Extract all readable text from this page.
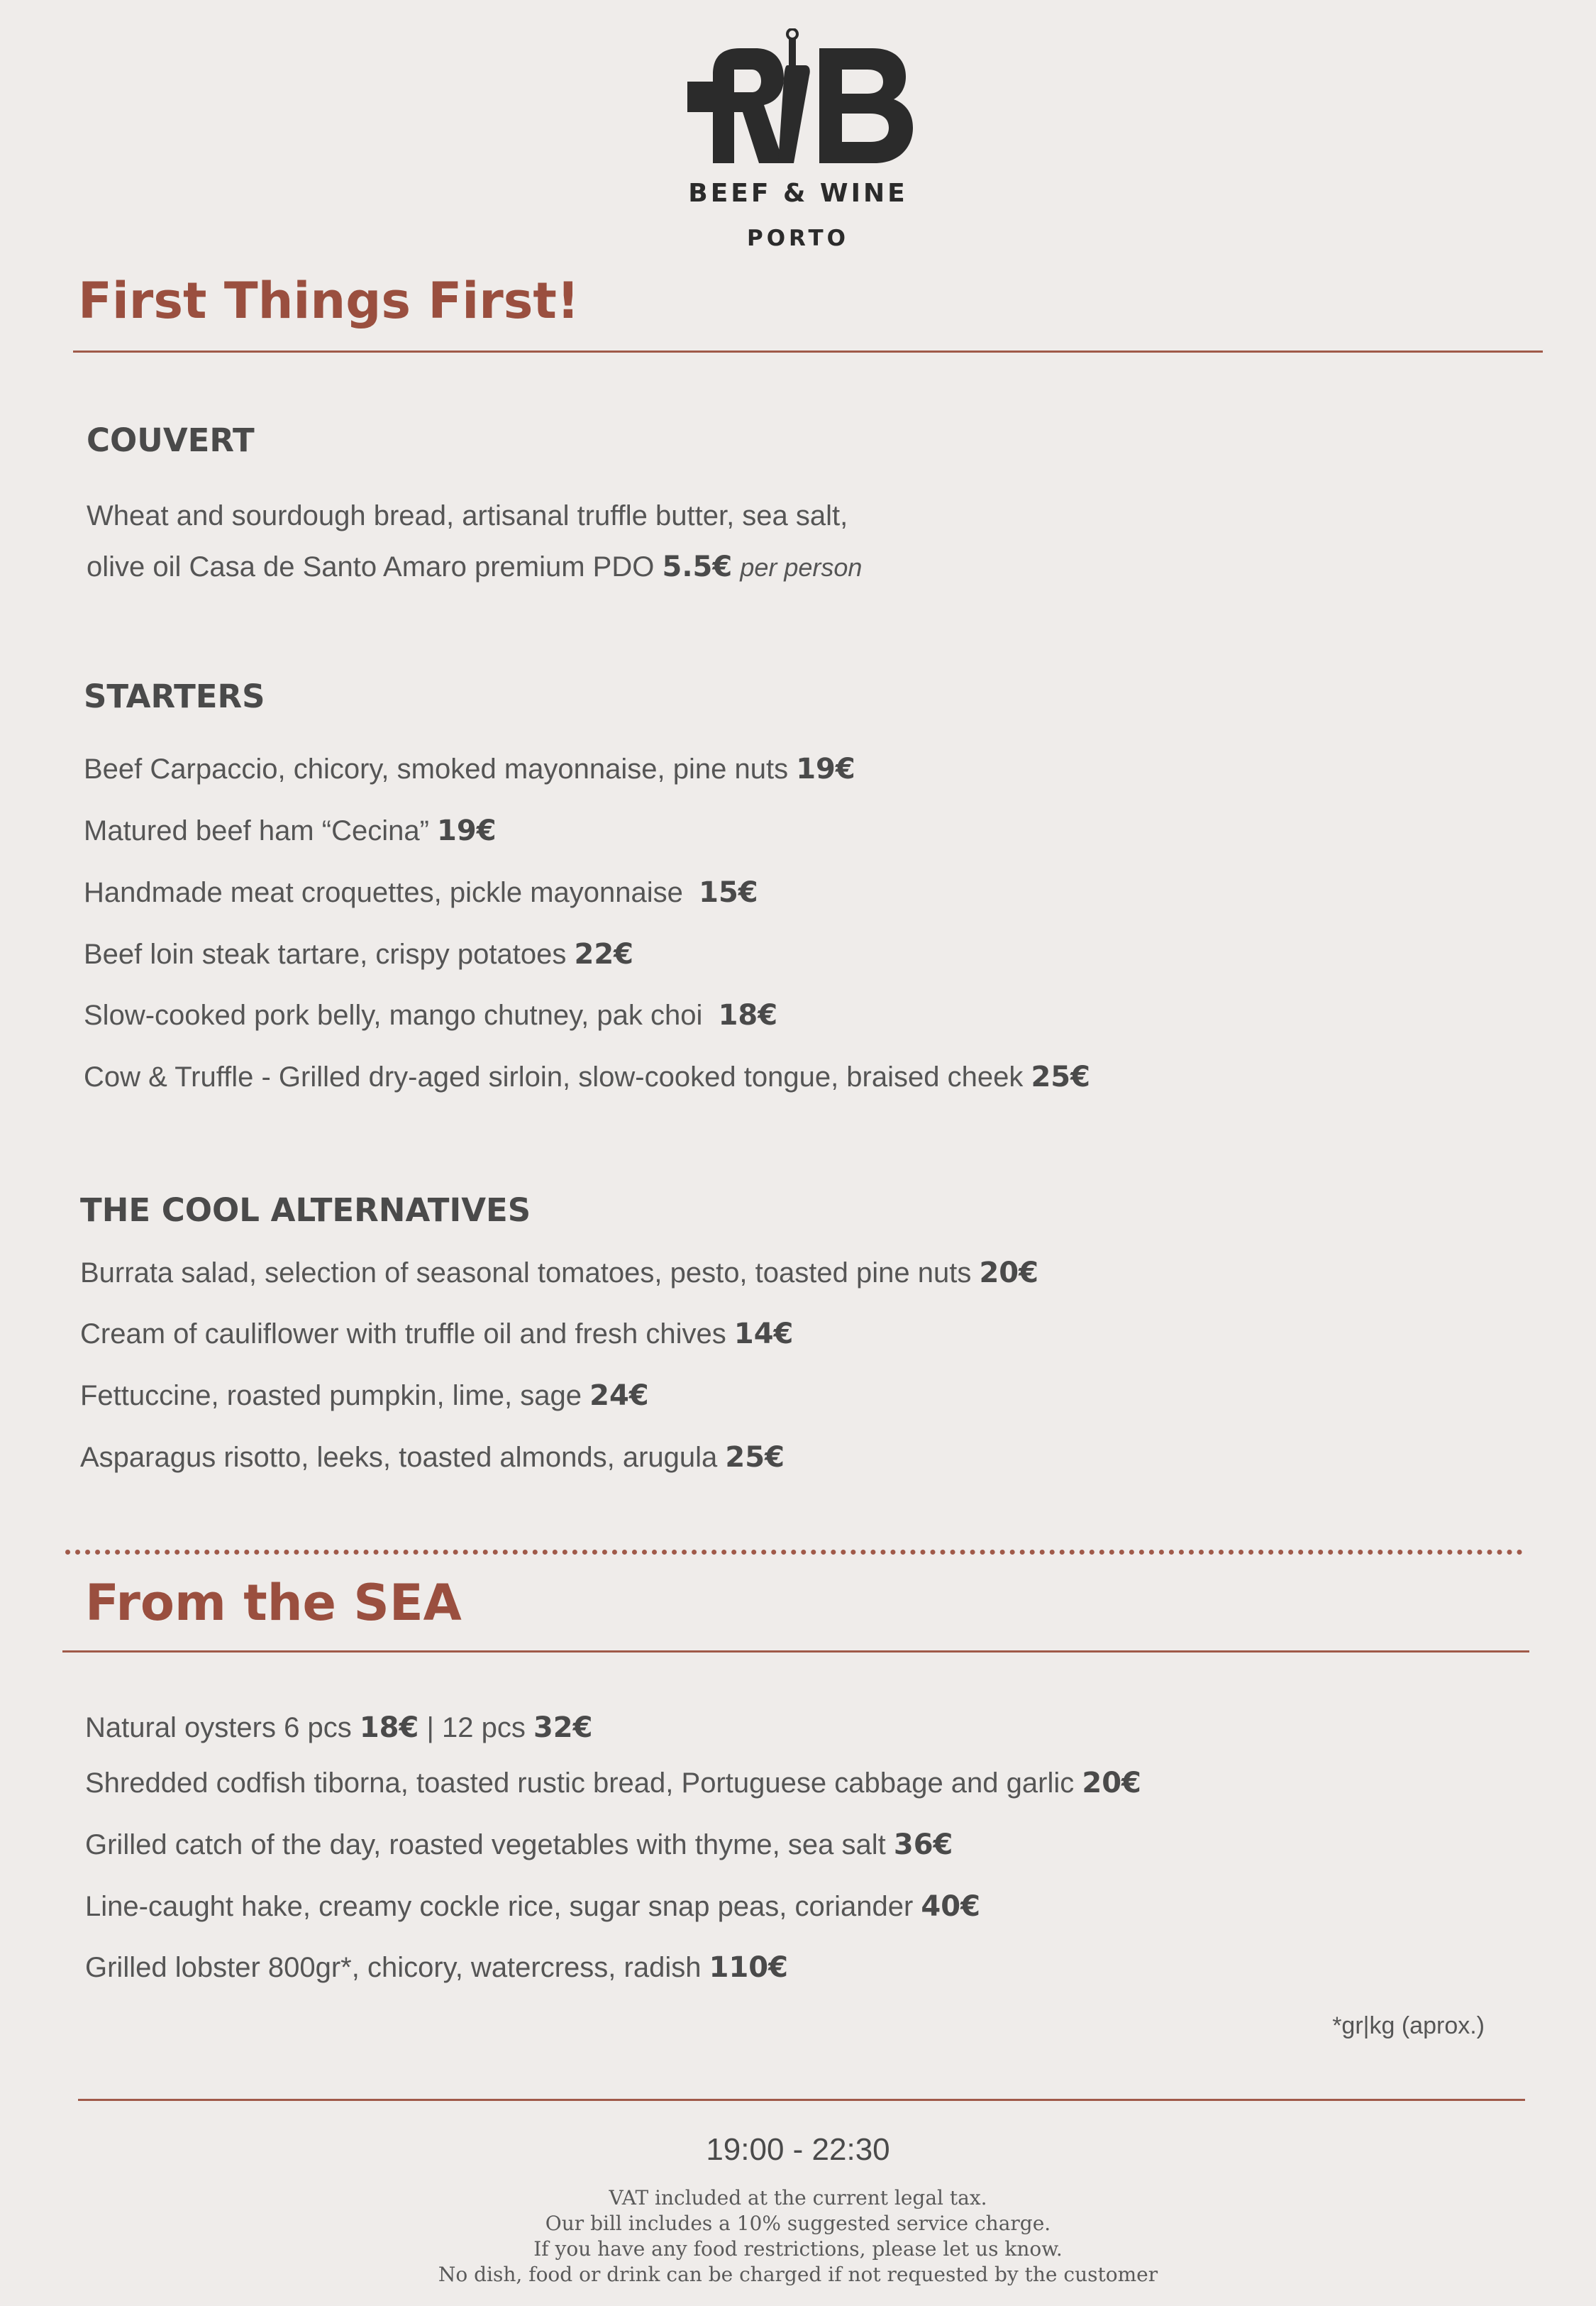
BEEF & WINE
PORTO
First Things First!
COUVERT
Wheat and sourdough bread, artisanal truffle butter, sea salt,
olive oil Casa de Santo Amaro premium PDO 5.5€ per person
STARTERS
Beef Carpaccio, chicory, smoked mayonnaise, pine nuts 19€
Matured beef ham “Cecina” 19€
Handmade meat croquettes, pickle mayonnaise 15€
Beef loin steak tartare, crispy potatoes 22€
Slow-cooked pork belly, mango chutney, pak choi 18€
Cow & Truffle - Grilled dry-aged sirloin, slow-cooked tongue, braised cheek 25€
THE COOL ALTERNATIVES
Burrata salad, selection of seasonal tomatoes, pesto, toasted pine nuts 20€
Cream of cauliflower with truffle oil and fresh chives 14€
Fettuccine, roasted pumpkin, lime, sage 24€
Asparagus risotto, leeks, toasted almonds, arugula 25€
From the SEA
Natural oysters 6 pcs 18€ | 12 pcs 32€
Shredded codfish tiborna, toasted rustic bread, Portuguese cabbage and garlic 20€
Grilled catch of the day, roasted vegetables with thyme, sea salt 36€
Line-caught hake, creamy cockle rice, sugar snap peas, coriander 40€
Grilled lobster 800gr*, chicory, watercress, radish 110€
*gr|kg (aprox.)
19:00 - 22:30
VAT included at the current legal tax.
Our bill includes a 10% suggested service charge.
If you have any food restrictions, please let us know.
No dish, food or drink can be charged if not requested by the customer
